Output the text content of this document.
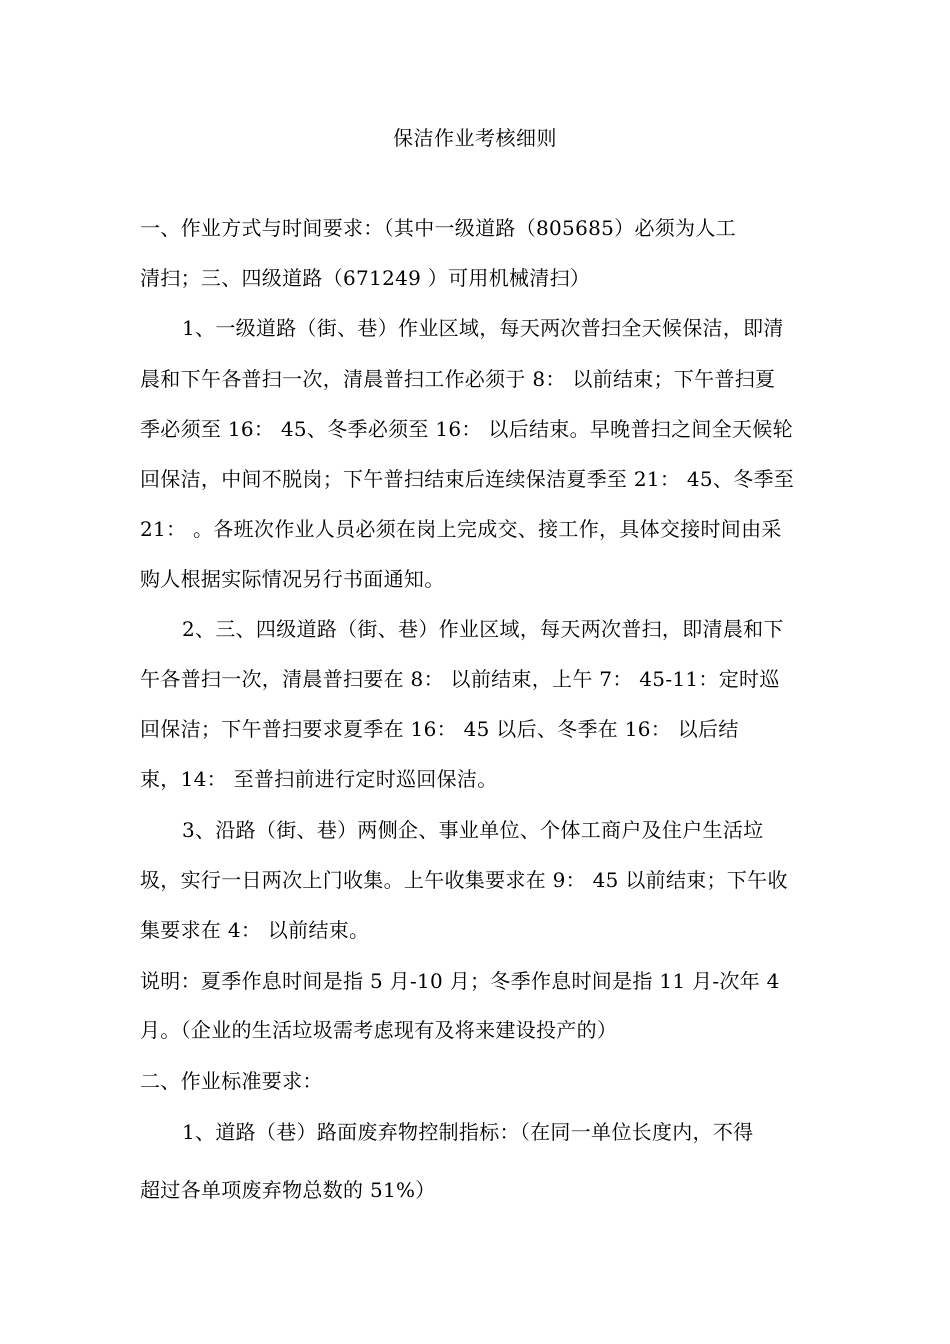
保洁作业考核细则
一、作业方式与时间要求：（其中一级道路（805685）必须为人工
清扫；三、四级道路（671249 ）可用机械清扫）
1、一级道路（街、巷）作业区域，每天两次普扫全天候保洁，即清
晨和下午各普扫一次，清晨普扫工作必须于 8： 以前结束；下午普扫夏
季必须至 16： 45、冬季必须至 16： 以后结束。早晚普扫之间全天候轮
回保洁，中间不脱岗；下午普扫结束后连续保洁夏季至 21： 45、冬季至
21： 。各班次作业人员必须在岗上完成交、接工作，具体交接时间由采
购人根据实际情况另行书面通知。
2、三、四级道路（街、巷）作业区域，每天两次普扫，即清晨和下
午各普扫一次，清晨普扫要在 8： 以前结束，上午 7： 45-11：定时巡
回保洁；下午普扫要求夏季在 16： 45 以后、冬季在 16： 以后结
束，14： 至普扫前进行定时巡回保洁。
3、沿路（街、巷）两侧企、事业单位、个体工商户及住户生活垃
圾，实行一日两次上门收集。上午收集要求在 9： 45 以前结束；下午收
集要求在 4： 以前结束。
说明：夏季作息时间是指 5 月-10 月；冬季作息时间是指 11 月-次年 4
月。（企业的生活垃圾需考虑现有及将来建设投产的）
二、作业标准要求：
1、道路（巷）路面废弃物控制指标：（在同一单位长度内，不得
超过各单项废弃物总数的 51%）
